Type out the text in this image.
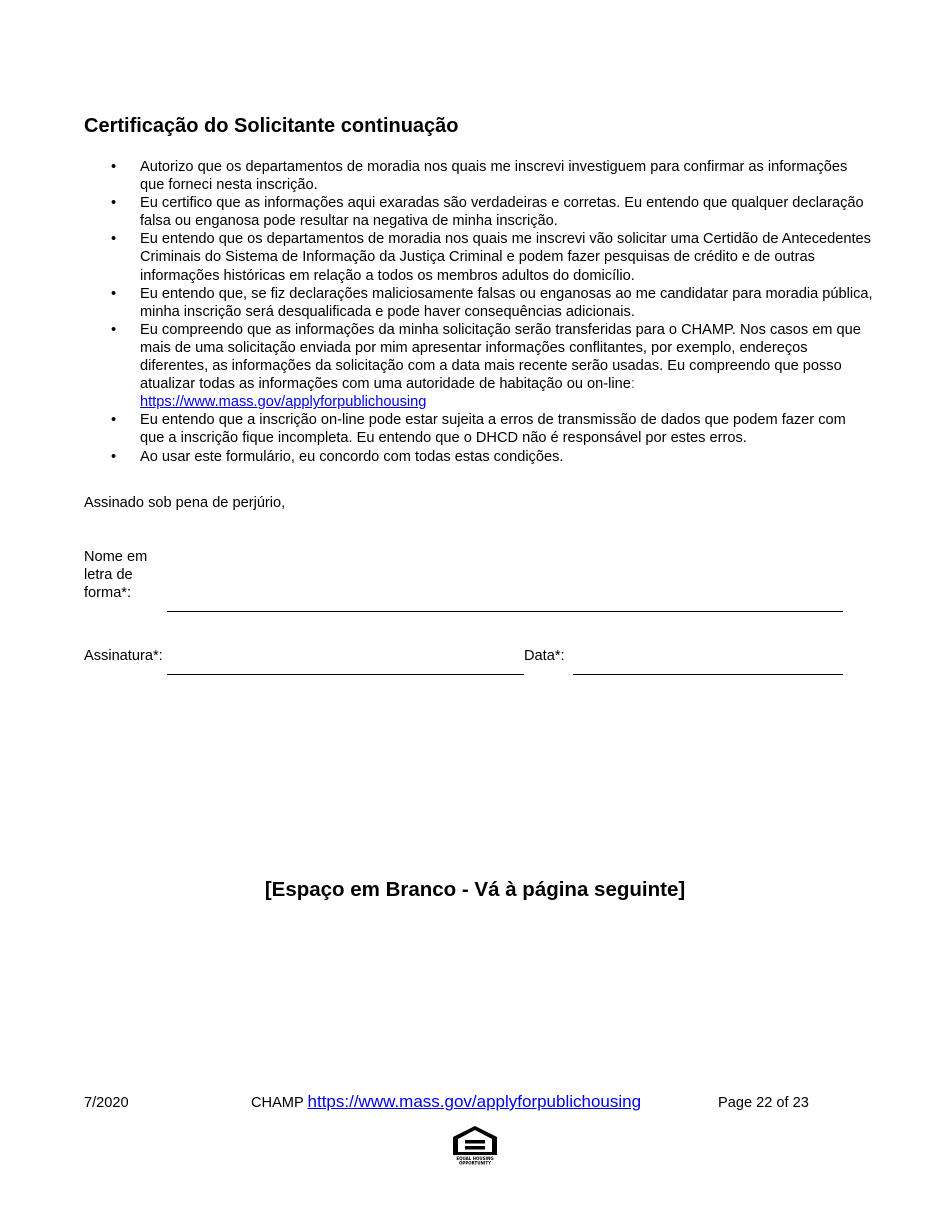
Certificação do Solicitante continuação
• Autorizo que os departamentos de moradia nos quais me inscrevi investiguem para confirmar as informações que forneci nesta inscrição.
• Eu certifico que as informações aqui exaradas são verdadeiras e corretas. Eu entendo que qualquer declaração falsa ou enganosa pode resultar na negativa de minha inscrição.
• Eu entendo que os departamentos de moradia nos quais me inscrevi vão solicitar uma Certidão de Antecedentes Criminais do Sistema de Informação da Justiça Criminal e podem fazer pesquisas de crédito e de outras informações históricas em relação a todos os membros adultos do domicílio.
• Eu entendo que, se fiz declarações maliciosamente falsas ou enganosas ao me candidatar para moradia pública, minha inscrição será desqualificada e pode haver consequências adicionais.
• Eu compreendo que as informações da minha solicitação serão transferidas para o CHAMP. Nos casos em que mais de uma solicitação enviada por mim apresentar informações conflitantes, por exemplo, endereços diferentes, as informações da solicitação com a data mais recente serão usadas. Eu compreendo que posso atualizar todas as informações com uma autoridade de habitação ou on-line:
https://www.mass.gov/applyforpublichousing
• Eu entendo que a inscrição on-line pode estar sujeita a erros de transmissão de dados que podem fazer com que a inscrição fique incompleta. Eu entendo que o DHCD não é responsável por estes erros.
• Ao usar este formulário, eu concordo com todas estas condições.
Assinado sob pena de perjúrio,
Nome em letra de forma*:
Assinatura*:	Data*:
[Espaço em Branco - Vá à página seguinte]
7/2020	CHAMP https://www.mass.gov/applyforpublichousing	Page 22 of 23
EQUAL HOUSING
OPPORTUNITY
